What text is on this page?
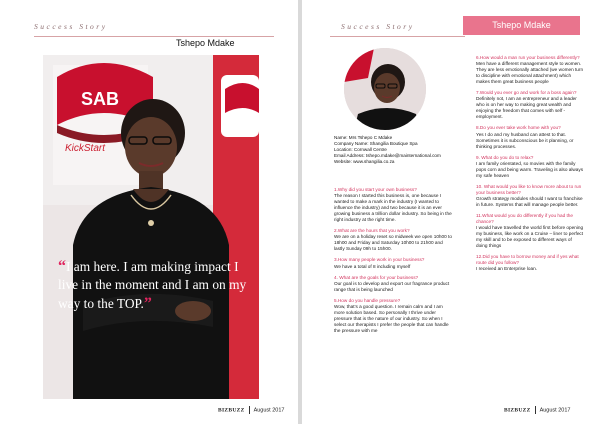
Success Story
Tshepo Mdake
SAB
KickStart
“I am here. I am making impact I live in the moment and I am on my way to the TOP.”
BIZBUZZ August 2017
Success Story	Tshepo Mdake
Name: Mrs Tshepo C Mdake
Company Name: Shangilia Boutique Spa
Location: Cornwall Centre
Email Address: tshepo.mdake@mainternational.com
Website: www.shangilia.co.za

1.Why did you start your own business?
The reason I started this business is, one because I wanted to make a mark in the industry (I wanted to influence the industry) and two because it is an ever growing business a trillion dollar industry. So being in the right industry at the right time.

2.What are the hours that you work?
We are on a holiday reset so midweek we open 10h00 to 18h00 and Friday and Saturday 10h00 to 21h00 and lastly Sunday 09h to 15h00.

3.How many people work in your business?
We have a total of 8 including myself

4. What are the goals for your business?
Our goal is to develop and export our fragrance product range that is being launched

5.How do you handle pressure?
Wow, that’s a good question. I remain calm and I am more solution based. So personally I thrive under pressure that is the nature of our industry. So when I select our therapists I prefer the people that can handle the pressure with me

6.How would a man run your business differently?
Men have a different management style to women. They are less emotionally attached (we women turn to discipline with emotional attachment) which makes them great business people

7.Would you ever go and work for a boss again?
Definitely not, I am an entrepreneur and a leader who is on her way to making great wealth and enjoying the freedom that comes with self - employment.

8.Do you ever take work home with you?
Yes I do and my husband can attest to that. Sometimes it is subconscious be it planning, or thinking processes.

9. What do you do to relax?
I am family orientated, so movies with the family pops corn and being warm. Traveling is also always my safe heaven

10. What would you like to know more about to run your business better?
Growth strategy modules should I want to franchise in future. Systems that will manage people better.

11.What would you do differently if you had the chance?
I would have travelled the world first before opening my business, like work on a Cruise – liner to perfect my skill and to be exposed to different ways of doing things

12.Did you have to borrow money and if yes what route did you follow?
I received an Enterprise loan.

BIZBUZZ August 2017
